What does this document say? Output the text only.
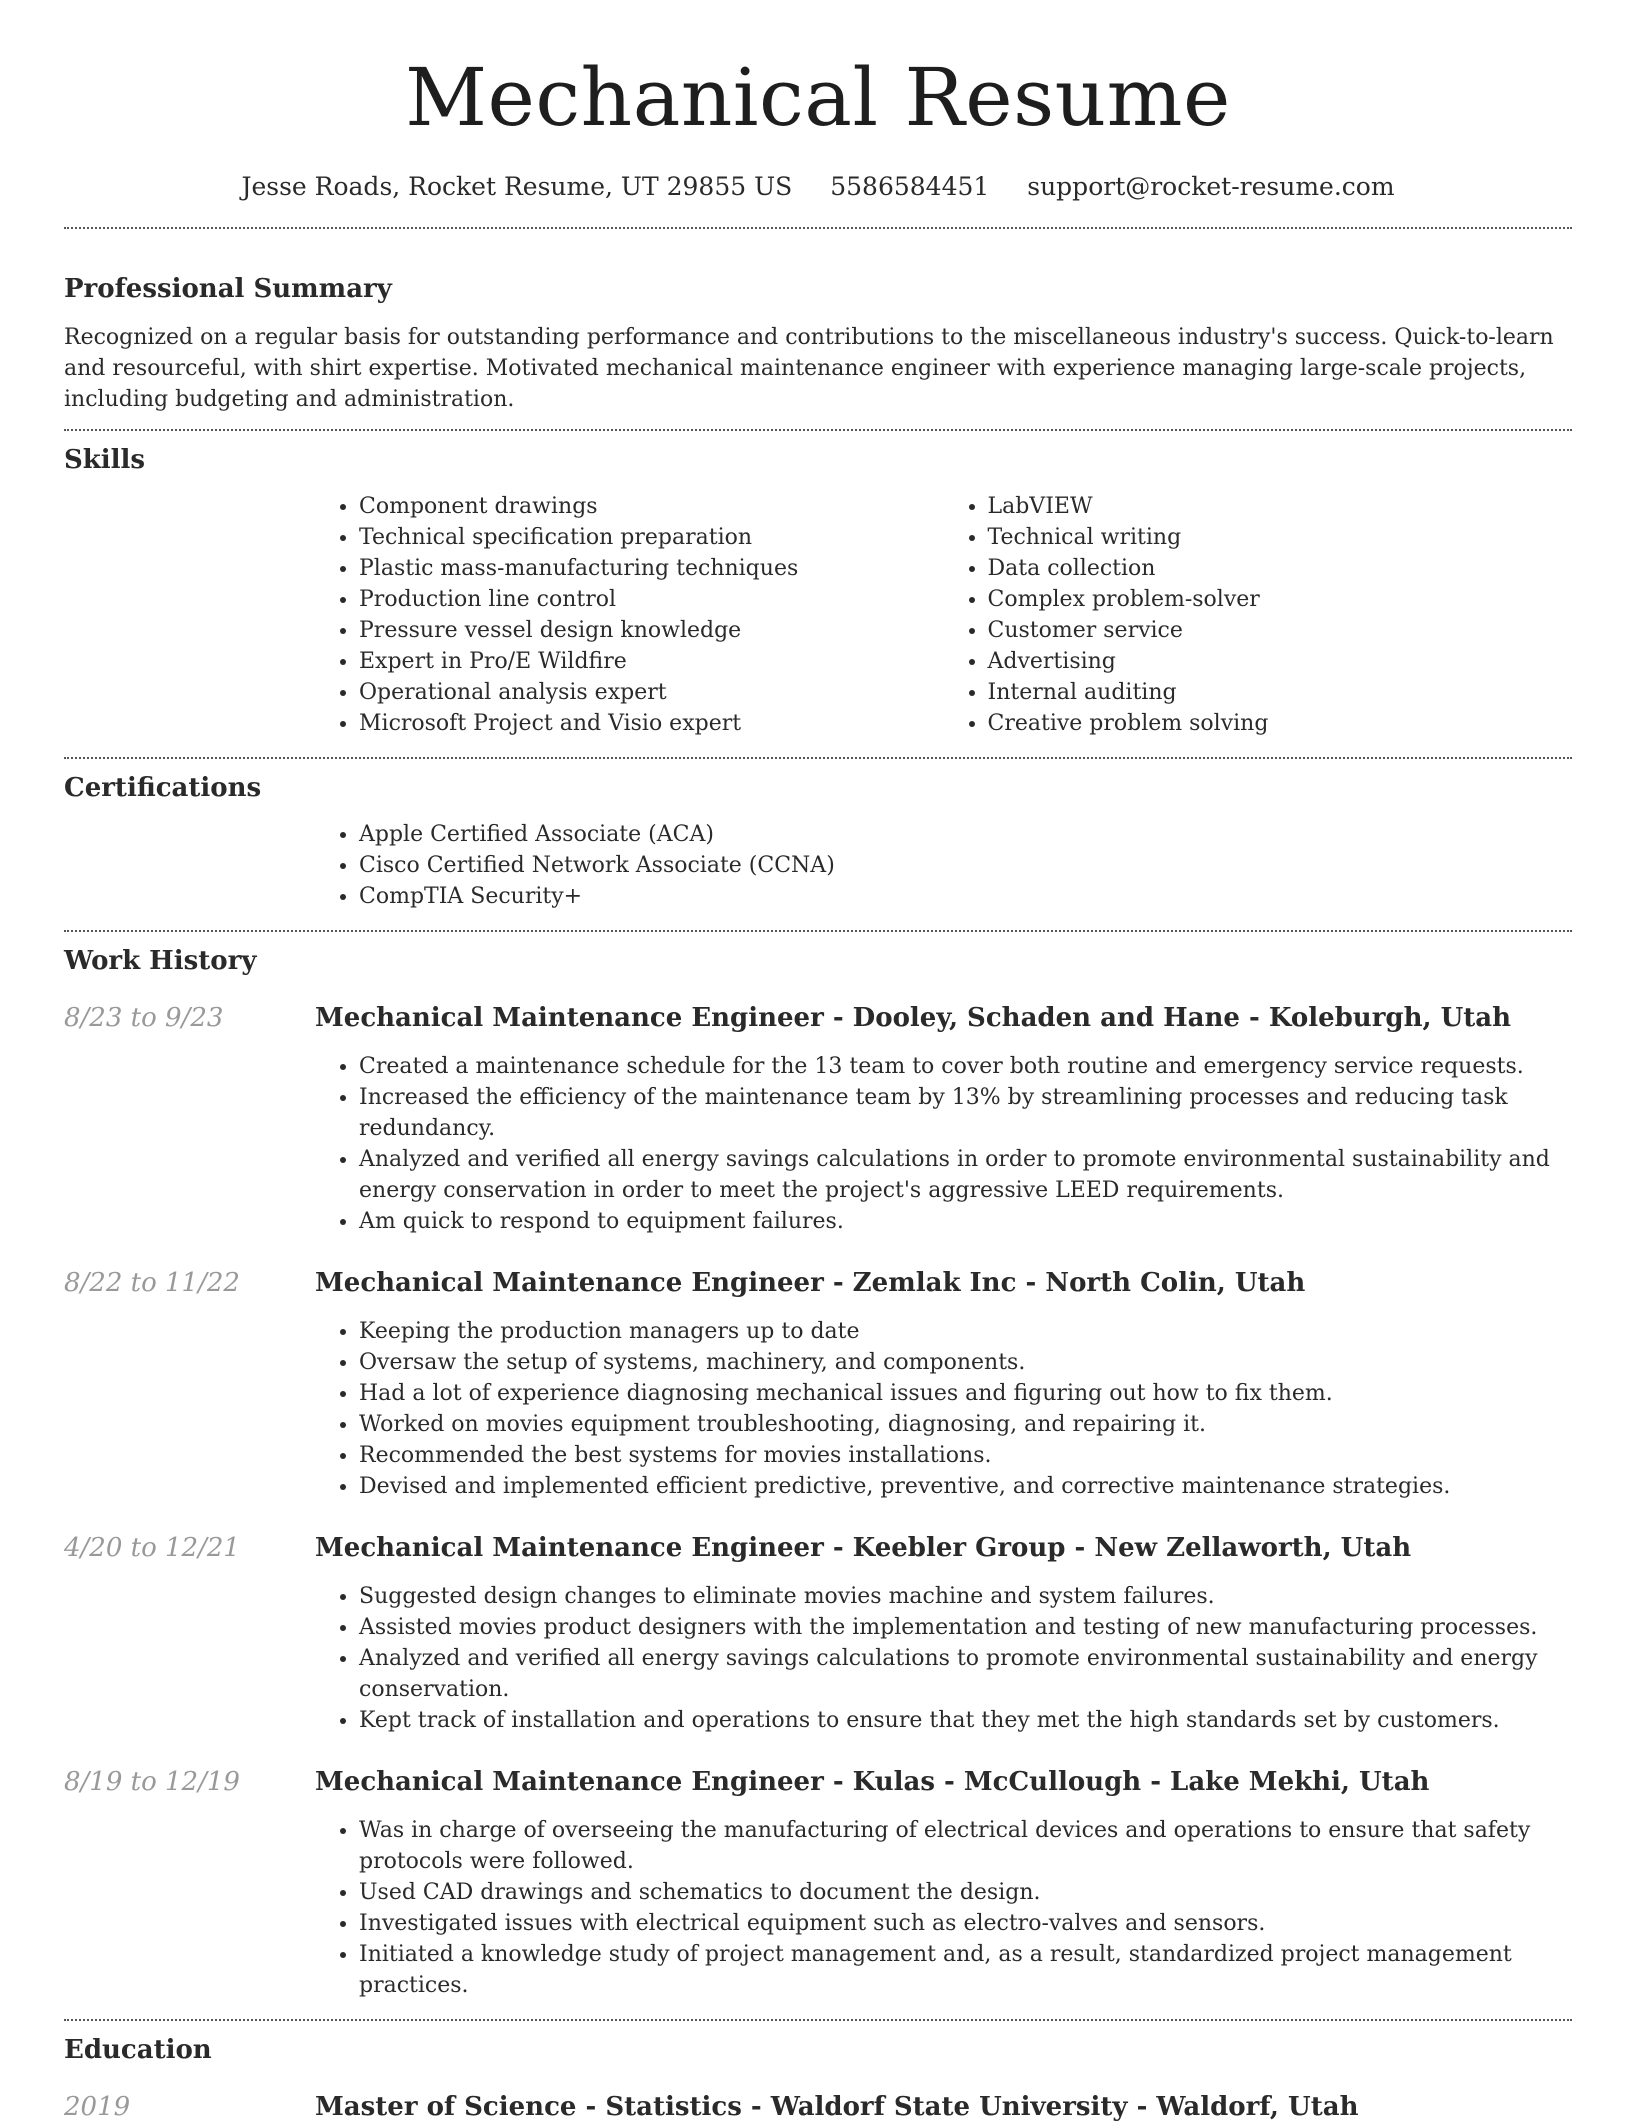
Mechanical Resume
Jesse Roads, Rocket Resume, UT 29855 US 5586584451 support@rocket-resume.com
Professional Summary

Recognized on a regular basis for outstanding performance and contributions to the miscellaneous industry's success. Quick-to-learn and resourceful, with shirt expertise. Motivated mechanical maintenance engineer with experience managing large-scale projects, including budgeting and administration.

Skills
• Component drawings
• Technical specification preparation
• Plastic mass-manufacturing techniques
• Production line control
• Pressure vessel design knowledge
• Expert in Pro/E Wildfire
• Operational analysis expert
• Microsoft Project and Visio expert
• LabVIEW
• Technical writing
• Data collection
• Complex problem-solver
• Customer service
• Advertising
• Internal auditing
• Creative problem solving
Certifications
• Apple Certified Associate (ACA)
• Cisco Certified Network Associate (CCNA)
• CompTIA Security+
Work History
8/23 to 9/23	Mechanical Maintenance Engineer - Dooley, Schaden and Hane - Koleburgh, Utah
• Created a maintenance schedule for the 13 team to cover both routine and emergency service requests.
• Increased the efficiency of the maintenance team by 13% by streamlining processes and reducing task redundancy.
• Analyzed and verified all energy savings calculations in order to promote environmental sustainability and energy conservation in order to meet the project's aggressive LEED requirements.
• Am quick to respond to equipment failures.
8/22 to 11/22	Mechanical Maintenance Engineer - Zemlak Inc - North Colin, Utah
• Keeping the production managers up to date
• Oversaw the setup of systems, machinery, and components.
• Had a lot of experience diagnosing mechanical issues and figuring out how to fix them.
• Worked on movies equipment troubleshooting, diagnosing, and repairing it.
• Recommended the best systems for movies installations.
• Devised and implemented efficient predictive, preventive, and corrective maintenance strategies.
4/20 to 12/21	Mechanical Maintenance Engineer - Keebler Group - New Zellaworth, Utah
• Suggested design changes to eliminate movies machine and system failures.
• Assisted movies product designers with the implementation and testing of new manufacturing processes.
• Analyzed and verified all energy savings calculations to promote environmental sustainability and energy conservation.
• Kept track of installation and operations to ensure that they met the high standards set by customers.
8/19 to 12/19	Mechanical Maintenance Engineer - Kulas - McCullough - Lake Mekhi, Utah
• Was in charge of overseeing the manufacturing of electrical devices and operations to ensure that safety protocols were followed.
• Used CAD drawings and schematics to document the design.
• Investigated issues with electrical equipment such as electro-valves and sensors.
• Initiated a knowledge study of project management and, as a result, standardized project management practices.
Education
2019	Master of Science - Statistics - Waldorf State University - Waldorf, Utah
